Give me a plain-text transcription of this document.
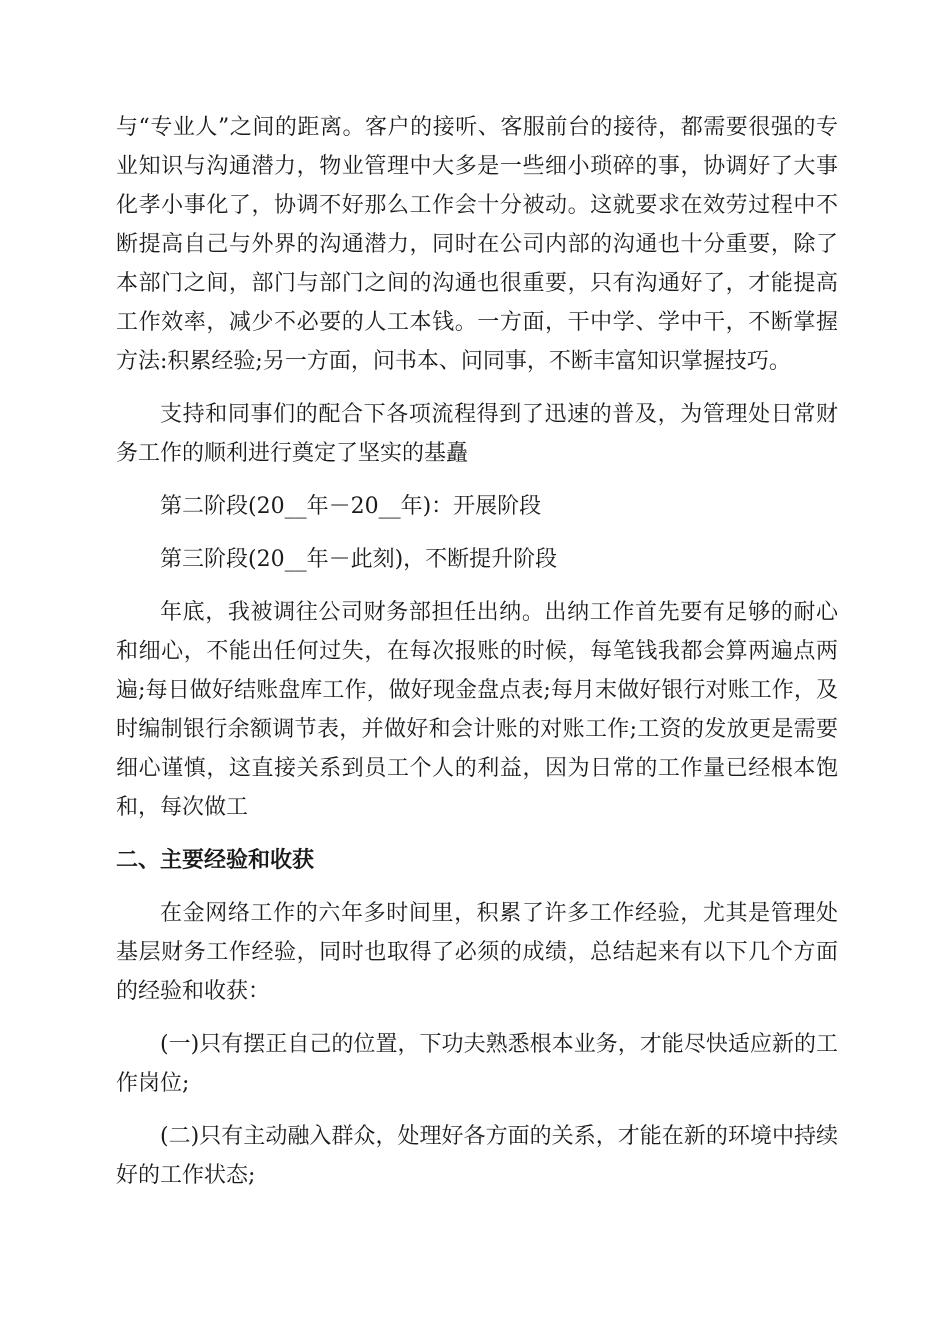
与“专业人”之间的距离。客户的接听、客服前台的接待，都需要很强的专业知识与沟通潜力，物业管理中大多是一些细小琐碎的事，协调好了大事化孝小事化了，协调不好那么工作会十分被动。这就要求在效劳过程中不断提高自己与外界的沟通潜力，同时在公司内部的沟通也十分重要，除了本部门之间，部门与部门之间的沟通也很重要，只有沟通好了，才能提高工作效率，减少不必要的人工本钱。一方面，干中学、学中干，不断掌握方法:积累经验;另一方面，问书本、问同事，不断丰富知识掌握技巧。

支持和同事们的配合下各项流程得到了迅速的普及，为管理处日常财务工作的顺利进行奠定了坚实的基矗

第二阶段(20__年－20__年)：开展阶段

第三阶段(20__年－此刻)，不断提升阶段

年底，我被调往公司财务部担任出纳。出纳工作首先要有足够的耐心和细心，不能出任何过失，在每次报账的时候，每笔钱我都会算两遍点两遍;每日做好结账盘库工作，做好现金盘点表;每月末做好银行对账工作，及时编制银行余额调节表，并做好和会计账的对账工作;工资的发放更是需要细心谨慎，这直接关系到员工个人的利益，因为日常的工作量已经根本饱和，每次做工

二、主要经验和收获

在金网络工作的六年多时间里，积累了许多工作经验，尤其是管理处基层财务工作经验，同时也取得了必须的成绩，总结起来有以下几个方面的经验和收获：

(一)只有摆正自己的位置，下功夫熟悉根本业务，才能尽快适应新的工作岗位;

(二)只有主动融入群众，处理好各方面的关系，才能在新的环境中持续好的工作状态;
